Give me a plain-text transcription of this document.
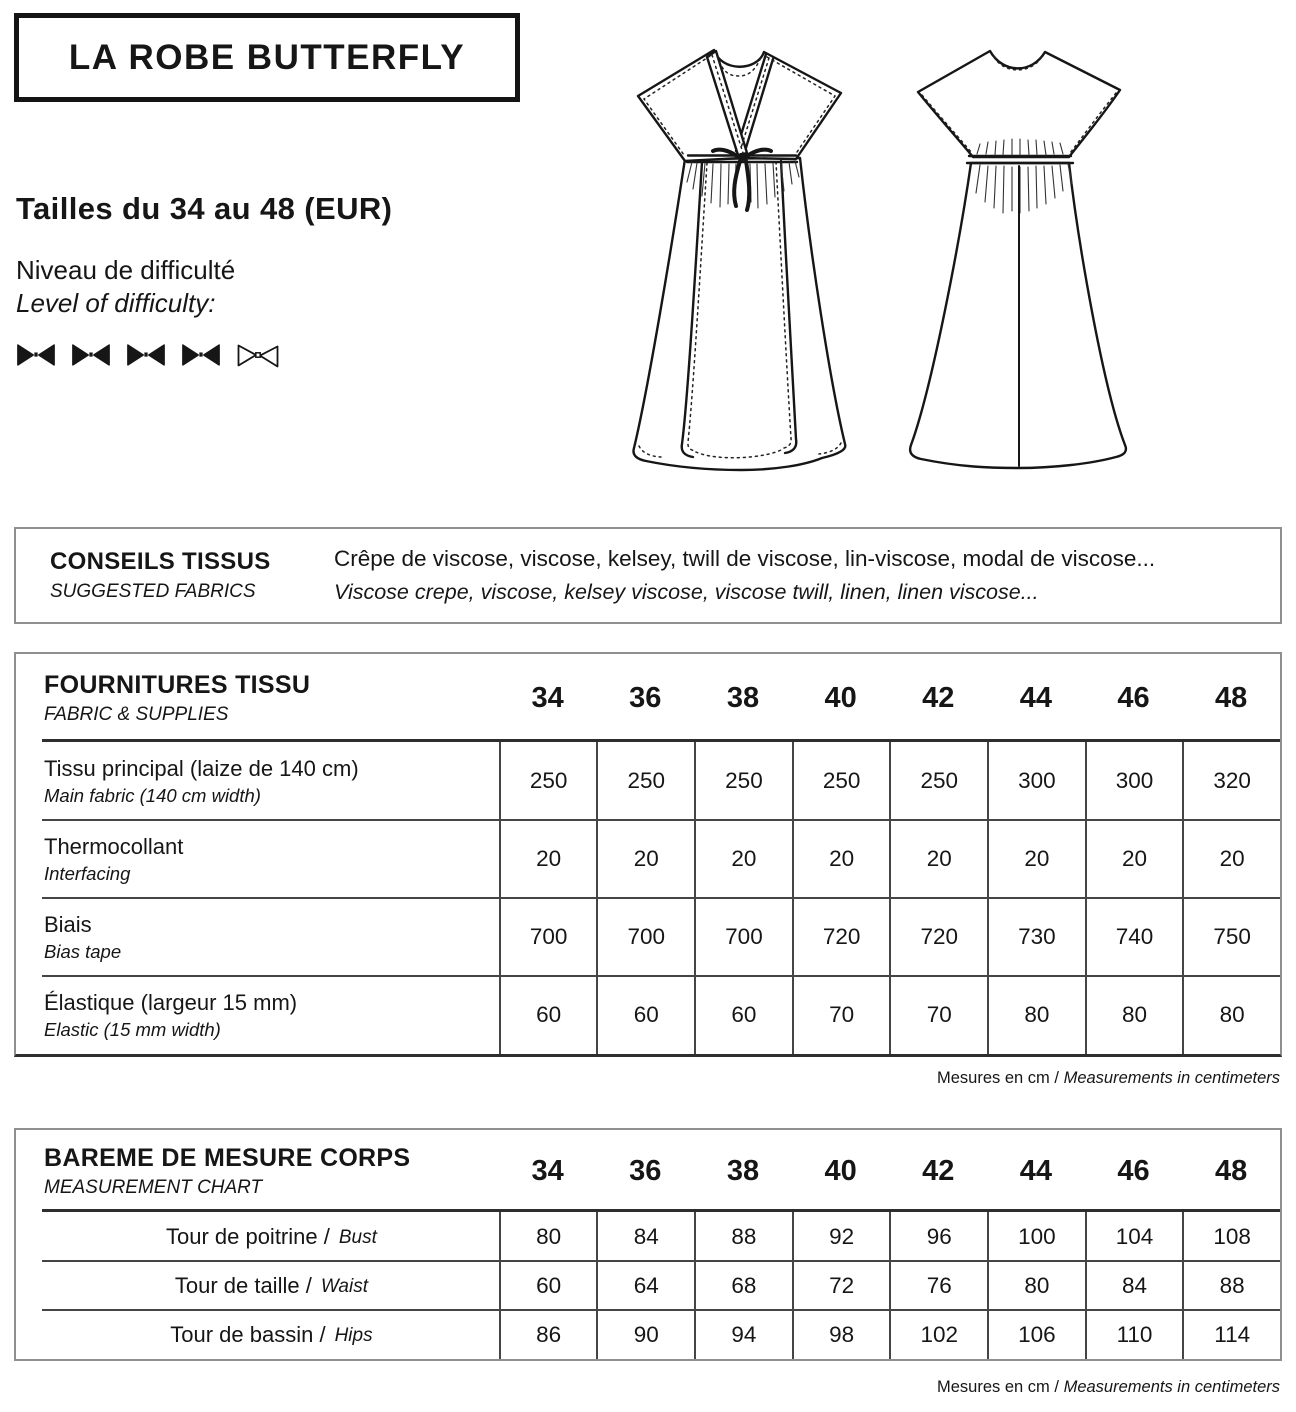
LA ROBE BUTTERFLY
Tailles du 34 au 48 (EUR)
Niveau de difficulté
Level of difficulty:
CONSEILS TISSUS
SUGGESTED FABRICS
Crêpe de viscose, viscose, kelsey, twill de viscose, lin-viscose, modal de viscose...
Viscose crepe, viscose, kelsey viscose, viscose twill, linen, linen viscose...
FOURNITURES TISSU
FABRIC & SUPPLIES
34	36	38	40	42	44	46	48
Tissu principal (laize de 140 cm)
Main fabric (140 cm width)
250	250	250	250	250	300	300	320
Thermocollant
Interfacing
20	20	20	20	20	20	20	20
Biais
Bias tape
700	700	700	720	720	730	740	750
Élastique (largeur 15 mm)
Elastic (15 mm width)
60	60	60	70	70	80	80	80
Mesures en cm / Measurements in centimeters
BAREME DE MESURE CORPS
MEASUREMENT CHART
34	36	38	40	42	44	46	48
Tour de poitrine / Bust	80	84	88	92	96	100	104	108
Tour de taille / Waist	60	64	68	72	76	80	84	88
Tour de bassin / Hips	86	90	94	98	102	106	110	114
Mesures en cm / Measurements in centimeters
